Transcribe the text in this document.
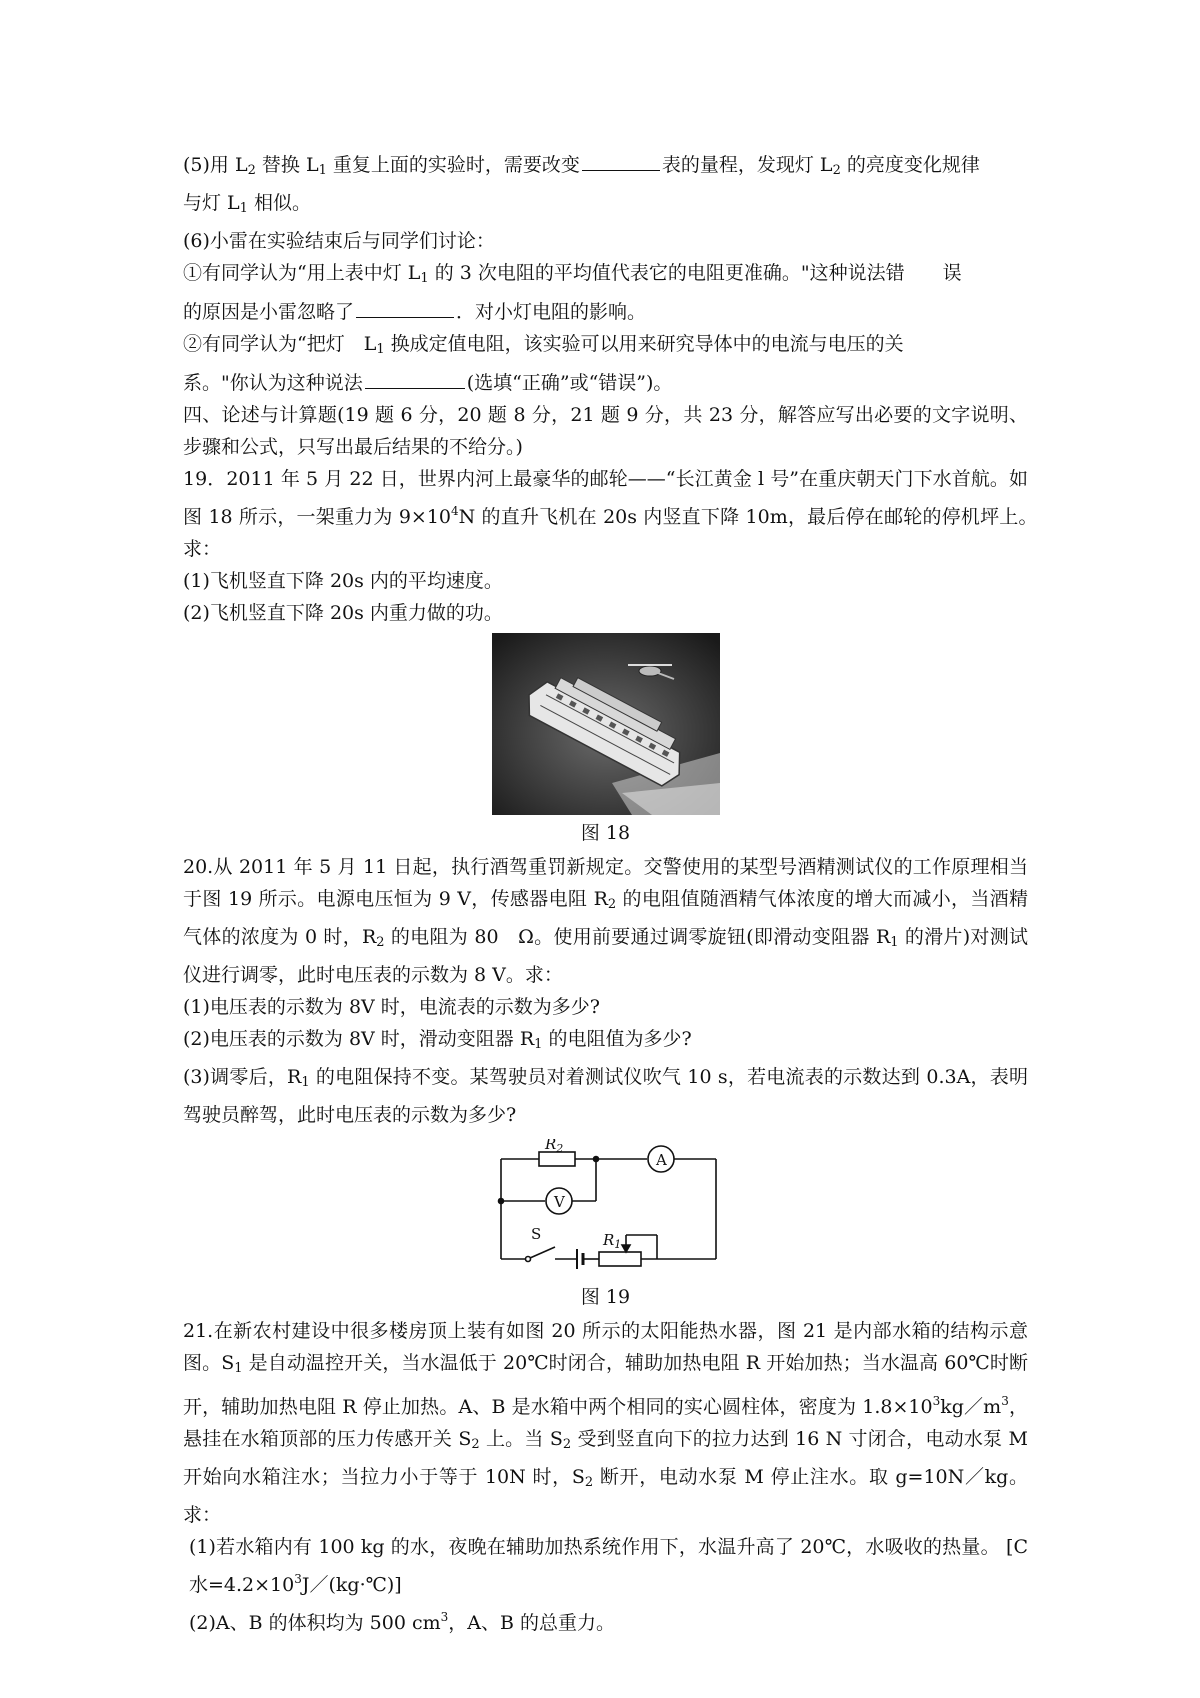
(5)用 $L_2$ 替换 $L_1$ 重复上面的实验时，需要改变	表的量程，发现灯 $L_2$ 的亮度变化规律

与灯 $L_1$ 相似。

(6)小雷在实验结束后与同学们讨论：

①有同学认为“用上表中灯 $L_1$ 的 3 次电阻的平均值代表它的电阻更准确。"这种说法错　　误

的原因是小雷忽略了	．对小灯电阻的影响。

②有同学认为“把灯　$L_1$ 换成定值电阻，该实验可以用来研究导体中的电流与电压的关

系。"你认为这种说法	(选填“正确”或“错误”)。

四、论述与计算题(19 题 6 分，20 题 8 分，21 题 9 分，共 23 分，解答应写出必要的文字说明、步骤和公式，只写出最后结果的不给分。)

19．2011 年 5 月 22 日，世界内河上最豪华的邮轮——“长江黄金 l 号”在重庆朝天门下水首航。如图 18 所示，一架重力为 $9\times 10^4N$ 的直升飞机在 20s 内竖直下降 10m，最后停在邮轮的停机坪上。　求：

(1)飞机竖直下降 20s 内的平均速度。

(2)飞机竖直下降 20s 内重力做的功。

图 18

20.从 2011 年 5 月 11 日起，执行酒驾重罚新规定。交警使用的某型号酒精测试仪的工作原理相当于图 19 所示。电源电压恒为 9 V，传感器电阻 $R_2$ 的电阻值随酒精气体浓度的增大而减小，当酒精气体的浓度为 0 时，$R_2$ 的电阻为 80　Ω。使用前要通过调零旋钮(即滑动变阻器 $R_1$ 的滑片)对测试仪进行调零，此时电压表的示数为 8 V。求：

(1)电压表的示数为 8V 时，电流表的示数为多少?

(2)电压表的示数为 8V 时，滑动变阻器 $R_1$ 的电阻值为多少?

(3)调零后，$R_1$ 的电阻保持不变。某驾驶员对着测试仪吹气 10 s，若电流表的示数达到 0.3A，表明驾驶员醉驾，此时电压表的示数为多少?

$R_2$
A
V
S	$R_1$

图 19

21.在新农村建设中很多楼房顶上装有如图 20 所示的太阳能热水器，图 21 是内部水箱的结构示意图。$S_1$ 是自动温控开关，当水温低于 20℃时闭合，辅助加热电阻 R 开始加热；当水温高 60℃时断开，辅助加热电阻 R 停止加热。A、B 是水箱中两个相同的实心圆柱体，密度为 $1.8\times 10^3kg/m^3$，悬挂在水箱顶部的压力传感开关 $S_2$ 上。当 $S_2$ 受到竖直向下的拉力达到 16 N 寸闭合，电动水泵 M 开始向水箱注水；当拉力小于等于 10N 时，$S_2$ 断开，电动水泵 M 停止注水。取 g=10N／kg。求：

(1)若水箱内有 100 kg 的水，夜晚在辅助加热系统作用下，水温升高了 20℃，水吸收的热量。 [C 水$=4.2\times 10^3J/(kg\cdot℃)$]

(2)A、B 的体积均为 500 $cm^3$，A、B 的总重力。
